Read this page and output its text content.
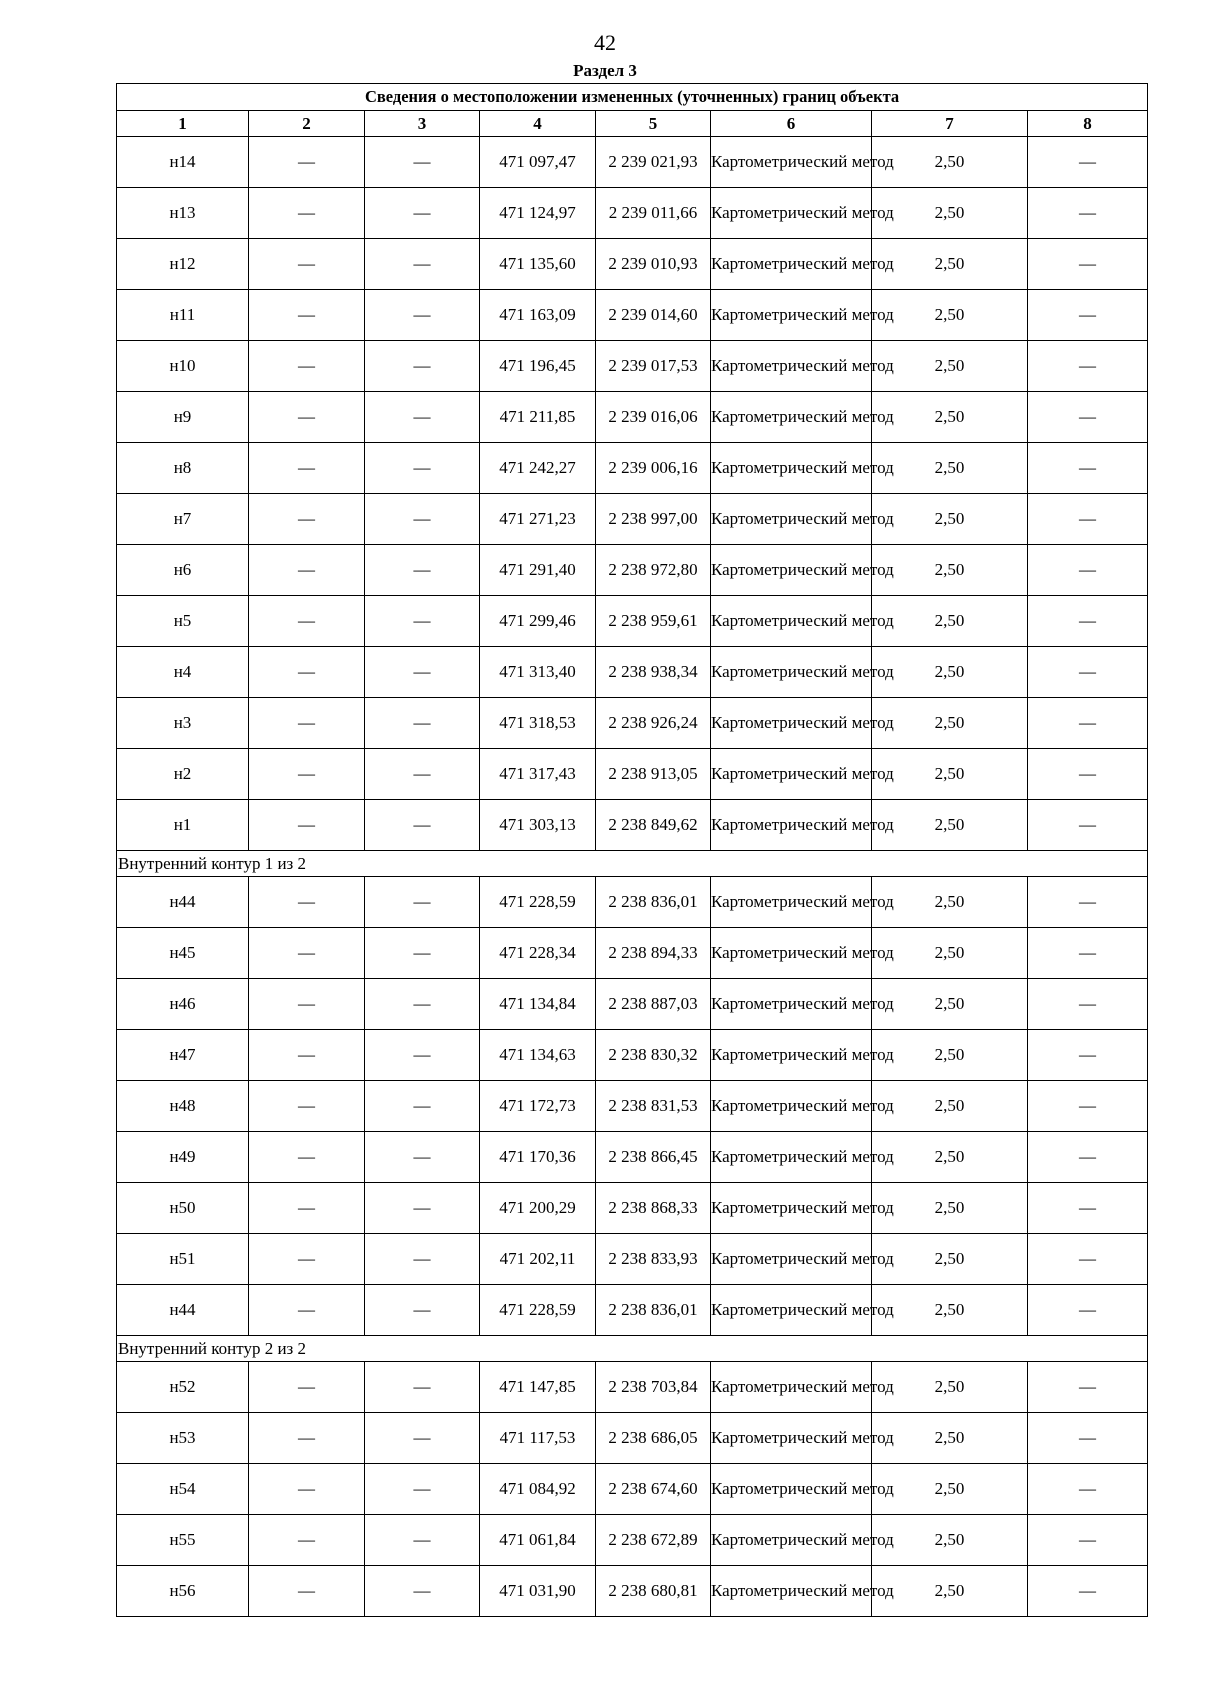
42
Раздел 3
Сведения о местоположении измененных (уточненных) границ объекта							
1	2	3	4	5	6	7	8
н14	—	—	471 097,47	2 239 021,93	Картометрический метод	2,50	—
н13	—	—	471 124,97	2 239 011,66	Картометрический метод	2,50	—
н12	—	—	471 135,60	2 239 010,93	Картометрический метод	2,50	—
н11	—	—	471 163,09	2 239 014,60	Картометрический метод	2,50	—
н10	—	—	471 196,45	2 239 017,53	Картометрический метод	2,50	—
н9	—	—	471 211,85	2 239 016,06	Картометрический метод	2,50	—
н8	—	—	471 242,27	2 239 006,16	Картометрический метод	2,50	—
н7	—	—	471 271,23	2 238 997,00	Картометрический метод	2,50	—
н6	—	—	471 291,40	2 238 972,80	Картометрический метод	2,50	—
н5	—	—	471 299,46	2 238 959,61	Картометрический метод	2,50	—
н4	—	—	471 313,40	2 238 938,34	Картометрический метод	2,50	—
н3	—	—	471 318,53	2 238 926,24	Картометрический метод	2,50	—
н2	—	—	471 317,43	2 238 913,05	Картометрический метод	2,50	—
н1	—	—	471 303,13	2 238 849,62	Картометрический метод	2,50	—
Внутренний контур 1 из 2							
н44	—	—	471 228,59	2 238 836,01	Картометрический метод	2,50	—
н45	—	—	471 228,34	2 238 894,33	Картометрический метод	2,50	—
н46	—	—	471 134,84	2 238 887,03	Картометрический метод	2,50	—
н47	—	—	471 134,63	2 238 830,32	Картометрический метод	2,50	—
н48	—	—	471 172,73	2 238 831,53	Картометрический метод	2,50	—
н49	—	—	471 170,36	2 238 866,45	Картометрический метод	2,50	—
н50	—	—	471 200,29	2 238 868,33	Картометрический метод	2,50	—
н51	—	—	471 202,11	2 238 833,93	Картометрический метод	2,50	—
н44	—	—	471 228,59	2 238 836,01	Картометрический метод	2,50	—
Внутренний контур 2 из 2							
н52	—	—	471 147,85	2 238 703,84	Картометрический метод	2,50	—
н53	—	—	471 117,53	2 238 686,05	Картометрический метод	2,50	—
н54	—	—	471 084,92	2 238 674,60	Картометрический метод	2,50	—
н55	—	—	471 061,84	2 238 672,89	Картометрический метод	2,50	—
н56	—	—	471 031,90	2 238 680,81	Картометрический метод	2,50	—
